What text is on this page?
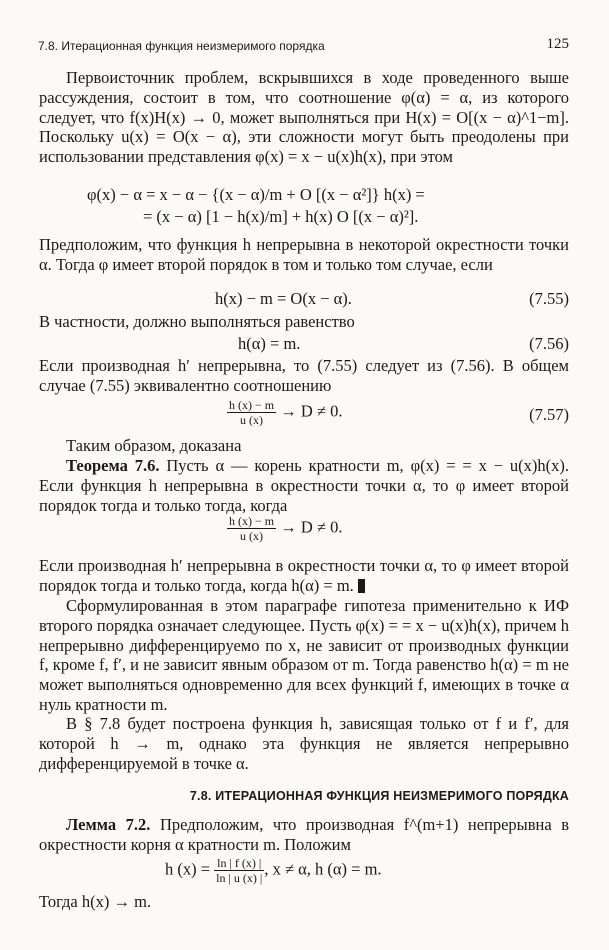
7.8. Итерационная функция неизмеримого порядка	125

Первоисточник проблем, вскрывшихся в ходе проведенного выше рассуждения, состоит в том, что соотношение φ(α) = α, из которого следует, что f(x)H(x) → 0, может выполняться при H(x) = O[(x − α)^1−m]. Поскольку u(x) = O(x − α), эти сложности могут быть преодолены при использовании представления φ(x) = x − u(x)h(x), при этом

φ(x) − α = x − α − {(x − α)/m + O [(x − α²]} h(x) =
= (x − α) [1 − h(x)/m] + h(x) O [(x − α)²].

Предположим, что функция h непрерывна в некоторой окрестности точки α. Тогда φ имеет второй порядок в том и только том случае, если

h(x) − m = O(x − α).	(7.55)

В частности, должно выполняться равенство

h(α) = m.	(7.56)

Если производная h′ непрерывна, то (7.55) следует из (7.56). В общем случае (7.55) эквивалентно соотношению

$\frac{h (x) - m}{u (x)} \to D \ne 0$.	(7.57)

Таким образом, доказана

Теорема 7.6. Пусть α — корень кратности m, φ(x) = = x − u(x)h(x). Если функция h непрерывна в окрестности точки α, то φ имеет второй порядок тогда и только тогда, когда

$\frac{h (x) - m}{u (x)} \to D \ne 0$.

Если производная h′ непрерывна в окрестности точки α, то φ имеет второй порядок тогда и только тогда, когда h(α) = m.

Сформулированная в этом параграфе гипотеза применительно к ИФ второго порядка означает следующее. Пусть φ(x) = = x − u(x)h(x), причем h непрерывно дифференцируемо по x, не зависит от производных функции f, кроме f, f′, и не зависит явным образом от m. Тогда равенство h(α) = m не может выполняться одновременно для всех функций f, имеющих в точке α нуль кратности m.

В § 7.8 будет построена функция h, зависящая только от f и f′, для которой h → m, однако эта функция не является непрерывно дифференцируемой в точке α.

7.8. ИТЕРАЦИОННАЯ ФУНКЦИЯ НЕИЗМЕРИМОГО ПОРЯДКА

Лемма 7.2. Предположим, что производная f^(m+1) непрерывна в окрестности корня α кратности m. Положим

h $(x) = \frac{\ln | f (x) |}{\ln | u (x) |}$ , x ≠ α, h (α) = m.

Тогда h(x) → m.
